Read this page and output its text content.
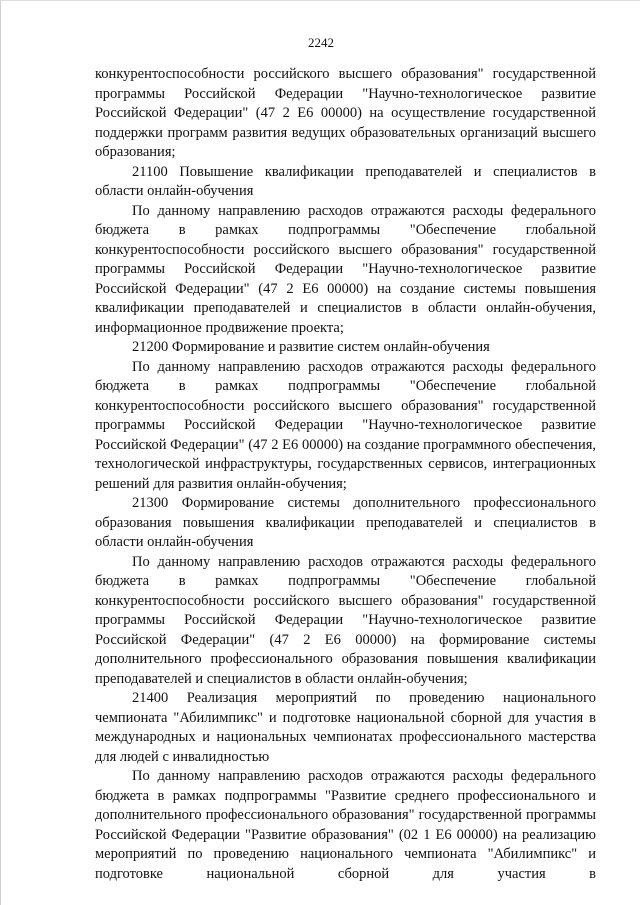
2242

конкурентоспособности российского высшего образования" государственной программы Российской Федерации "Научно-технологическое развитие Российской Федерации" (47 2 Е6 00000) на осуществление государственной поддержки программ развития ведущих образовательных организаций высшего образования;

21100 Повышение квалификации преподавателей и специалистов в области онлайн-обучения

По данному направлению расходов отражаются расходы федерального бюджета в рамках подпрограммы "Обеспечение глобальной конкурентоспособности российского высшего образования" государственной программы Российской Федерации "Научно-технологическое развитие Российской Федерации" (47 2 Е6 00000) на создание системы повышения квалификации преподавателей и специалистов в области онлайн-обучения, информационное продвижение проекта;

21200 Формирование и развитие систем онлайн-обучения

По данному направлению расходов отражаются расходы федерального бюджета в рамках подпрограммы "Обеспечение глобальной конкурентоспособности российского высшего образования" государственной программы Российской Федерации "Научно-технологическое развитие Российской Федерации" (47 2 Е6 00000) на создание программного обеспечения, технологической инфраструктуры, государственных сервисов, интеграционных решений для развития онлайн-обучения;

21300 Формирование системы дополнительного профессионального образования повышения квалификации преподавателей и специалистов в области онлайн-обучения

По данному направлению расходов отражаются расходы федерального бюджета в рамках подпрограммы "Обеспечение глобальной конкурентоспособности российского высшего образования" государственной программы Российской Федерации "Научно-технологическое развитие Российской Федерации" (47 2 Е6 00000) на формирование системы дополнительного профессионального образования повышения квалификации преподавателей и специалистов в области онлайн-обучения;

21400 Реализация мероприятий по проведению национального чемпионата "Абилимпикс" и подготовке национальной сборной для участия в международных и национальных чемпионатах профессионального мастерства для людей с инвалидностью

По данному направлению расходов отражаются расходы федерального бюджета в рамках подпрограммы "Развитие среднего профессионального и дополнительного профессионального образования" государственной программы Российской Федерации "Развитие образования" (02 1 Е6 00000) на реализацию мероприятий по проведению национального чемпионата "Абилимпикс" и подготовке национальной сборной для участия в
